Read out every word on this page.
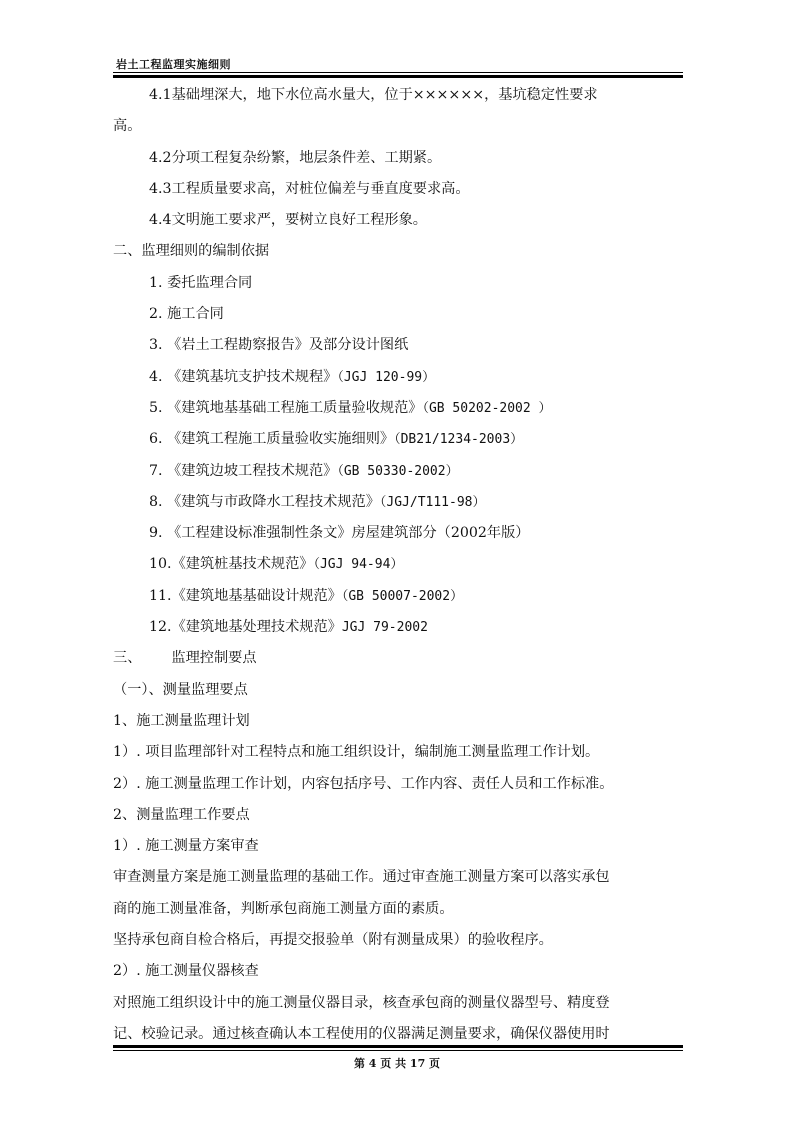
岩土工程监理实施细则

4.1基础埋深大，地下水位高水量大，位于××××××，基坑稳定性要求

高。

4.2分项工程复杂纷繁，地层条件差、工期紧。

4.3工程质量要求高，对桩位偏差与垂直度要求高。

4.4文明施工要求严，要树立良好工程形象。

二、监理细则的编制依据

1. 委托监理合同

2. 施工合同

3. 《岩土工程勘察报告》及部分设计图纸

4. 《建筑基坑支护技术规程》（JGJ 120-99）

5. 《建筑地基基础工程施工质量验收规范》（GB 50202-2002 ）

6. 《建筑工程施工质量验收实施细则》（DB21/1234-2003）

7. 《建筑边坡工程技术规范》（GB 50330-2002）

8. 《建筑与市政降水工程技术规范》（JGJ/T111-98）

9. 《工程建设标准强制性条文》房屋建筑部分（2002年版）

10.《建筑桩基技术规范》（JGJ 94-94）

11.《建筑地基基础设计规范》（GB 50007-2002）

12.《建筑地基处理技术规范》JGJ 79-2002

三、 监理控制要点

（一）、测量监理要点

1、施工测量监理计划

1）. 项目监理部针对工程特点和施工组织设计，编制施工测量监理工作计划。

2）. 施工测量监理工作计划，内容包括序号、工作内容、责任人员和工作标准。

2、测量监理工作要点

1）. 施工测量方案审查

审查测量方案是施工测量监理的基础工作。通过审查施工测量方案可以落实承包

商的施工测量准备，判断承包商施工测量方面的素质。

坚持承包商自检合格后，再提交报验单（附有测量成果）的验收程序。

2）. 施工测量仪器核查

对照施工组织设计中的施工测量仪器目录，核查承包商的测量仪器型号、精度登

记、校验记录。通过核查确认本工程使用的仪器满足测量要求，确保仪器使用时

第 4 页 共 17 页
